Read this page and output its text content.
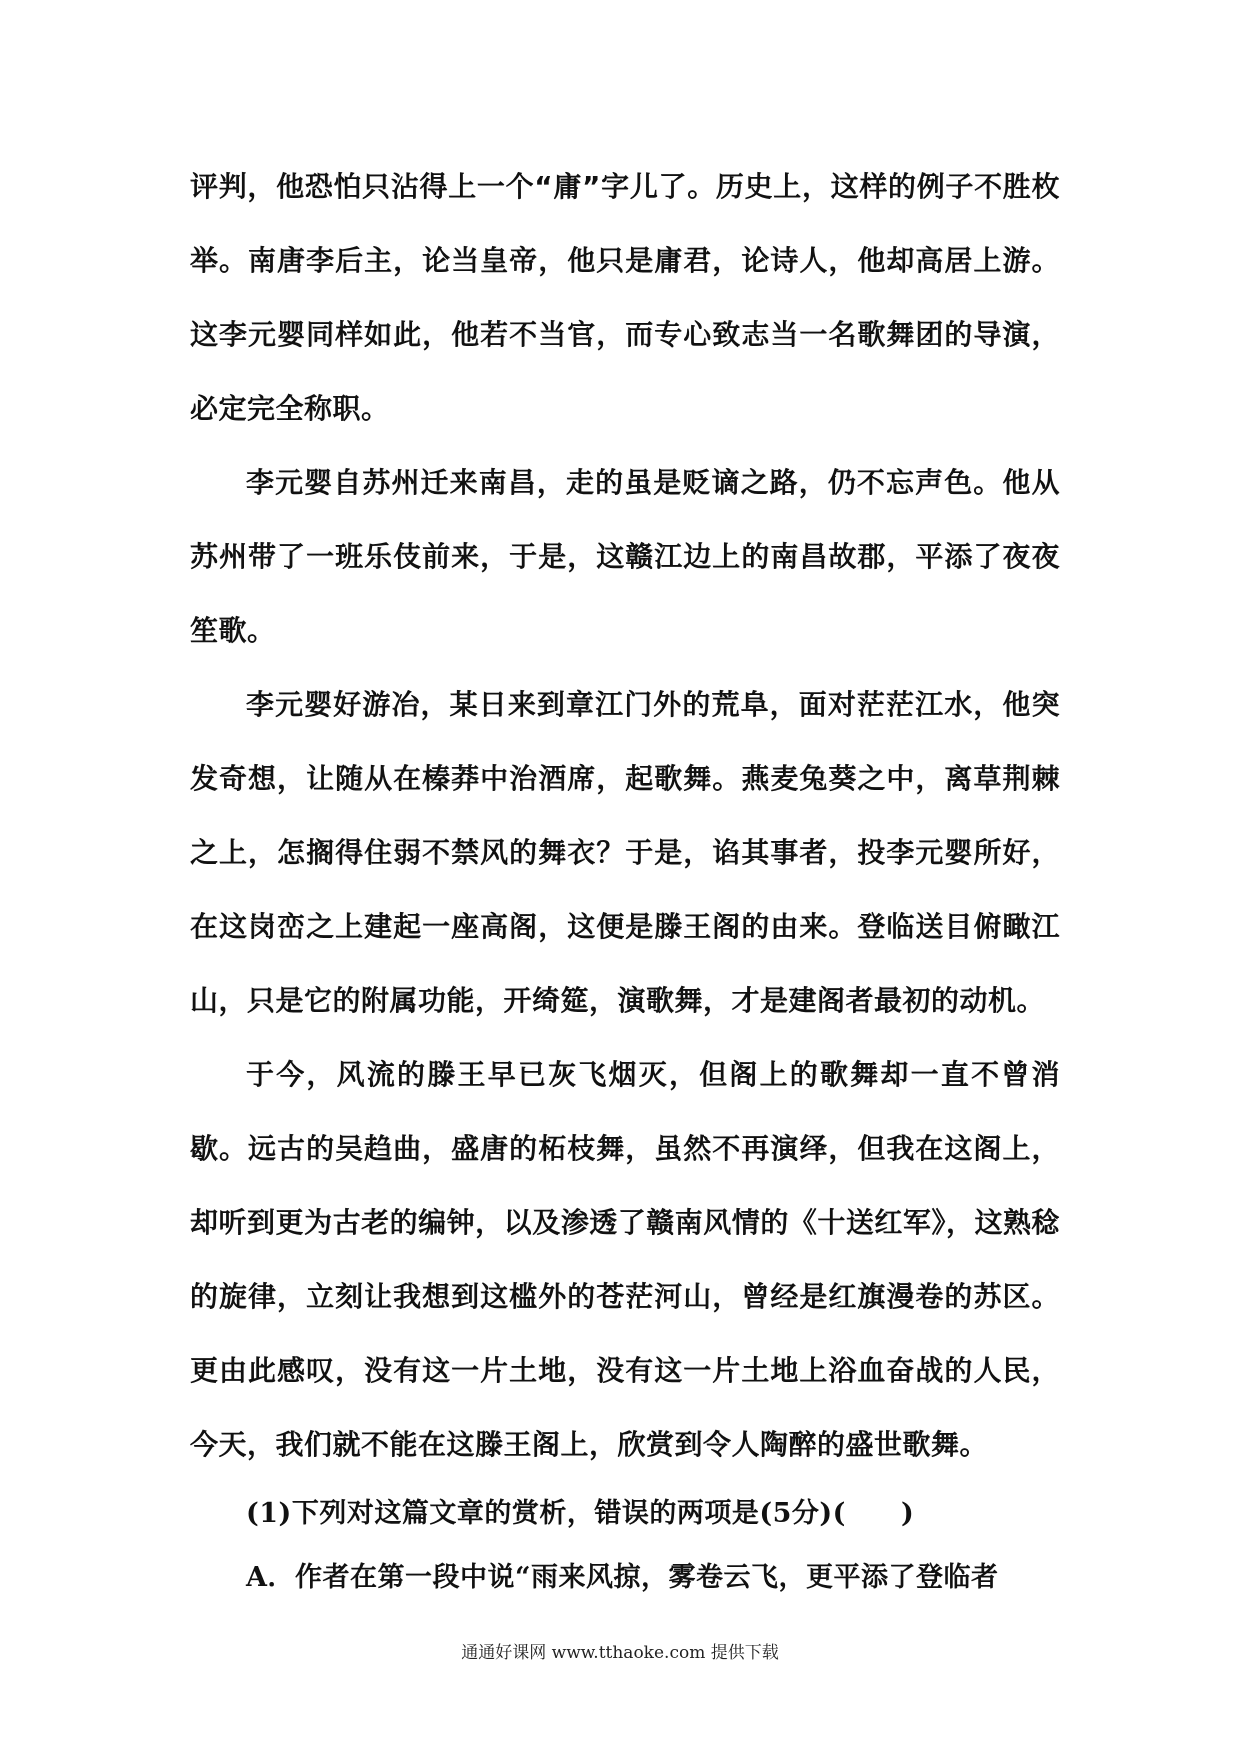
评判，他恐怕只沾得上一个“庸”字儿了。历史上，这样的例子不胜枚举。南唐李后主，论当皇帝，他只是庸君，论诗人，他却高居上游。这李元婴同样如此，他若不当官，而专心致志当一名歌舞团的导演，必定完全称职。

李元婴自苏州迁来南昌，走的虽是贬谪之路，仍不忘声色。他从苏州带了一班乐伎前来，于是，这赣江边上的南昌故郡，平添了夜夜笙歌。

李元婴好游冶，某日来到章江门外的荒阜，面对茫茫江水，他突发奇想，让随从在榛莽中治酒席，起歌舞。燕麦兔葵之中，离草荆棘之上，怎搁得住弱不禁风的舞衣？于是，谄其事者，投李元婴所好，在这岗峦之上建起一座高阁，这便是滕王阁的由来。登临送目俯瞰江山，只是它的附属功能，开绮筵，演歌舞，才是建阁者最初的动机。

于今，风流的滕王早已灰飞烟灭，但阁上的歌舞却一直不曾消歇。远古的吴趋曲，盛唐的柘枝舞，虽然不再演绎，但我在这阁上，却听到更为古老的编钟，以及渗透了赣南风情的《十送红军》，这熟稔的旋律，立刻让我想到这槛外的苍茫河山，曾经是红旗漫卷的苏区。更由此感叹，没有这一片土地，没有这一片土地上浴血奋战的人民，今天，我们就不能在这滕王阁上，欣赏到令人陶醉的盛世歌舞。

(1)下列对这篇文章的赏析，错误的两项是(5分)(　　)

A．作者在第一段中说“雨来风掠，雾卷云飞，更平添了登临者

通通好课网 www.tthaoke.com 提供下载
